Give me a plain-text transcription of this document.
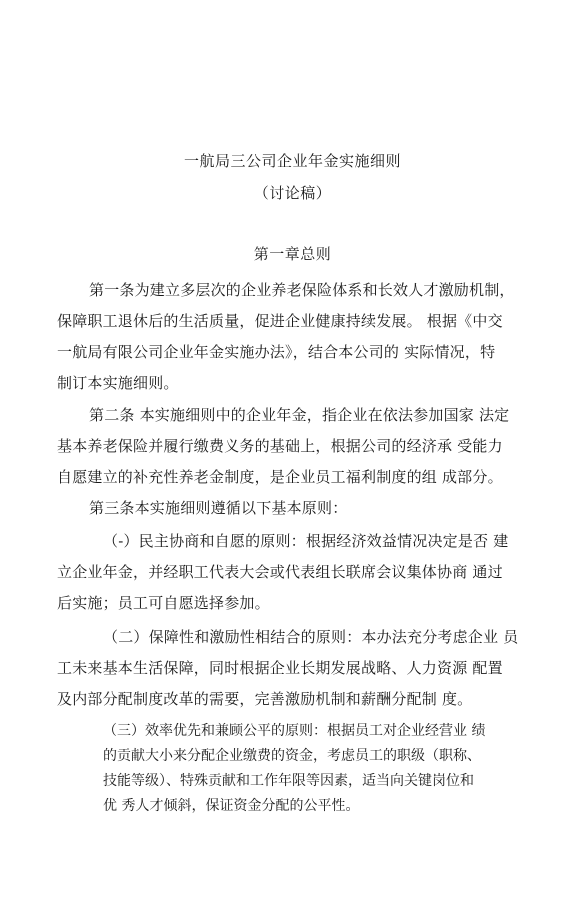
一航局三公司企业年金实施细则
（讨论稿）
第一章总则
第一条为建立多层次的企业养老保险体系和长效人才激励机制，
保障职工退休后的生活质量，促进企业健康持续发展。 根据《中交
一航局有限公司企业年金实施办法》，结合本公司的 实际情况，特
制订本实施细则。
第二条 本实施细则中的企业年金，指企业在依法参加国家 法定
基本养老保险并履行缴费义务的基础上，根据公司的经济承 受能力
自愿建立的补充性养老金制度，是企业员工福利制度的组 成部分。
第三条本实施细则遵循以下基本原则：
（-）民主协商和自愿的原则：根据经济效益情况决定是否 建
立企业年金，并经职工代表大会或代表组长联席会议集体协商 通过
后实施；员工可自愿选择参加。
（二）保障性和激励性相结合的原则：本办法充分考虑企业 员
工未来基本生活保障，同时根据企业长期发展战略、人力资源 配置
及内部分配制度改革的需要，完善激励机制和薪酬分配制 度。
（三）效率优先和兼顾公平的原则：根据员工对企业经营业 绩
的贡献大小来分配企业缴费的资金，考虑员工的职级（职称、
技能等级）、特殊贡献和工作年限等因素，适当向关键岗位和
优 秀人才倾斜，保证资金分配的公平性。
